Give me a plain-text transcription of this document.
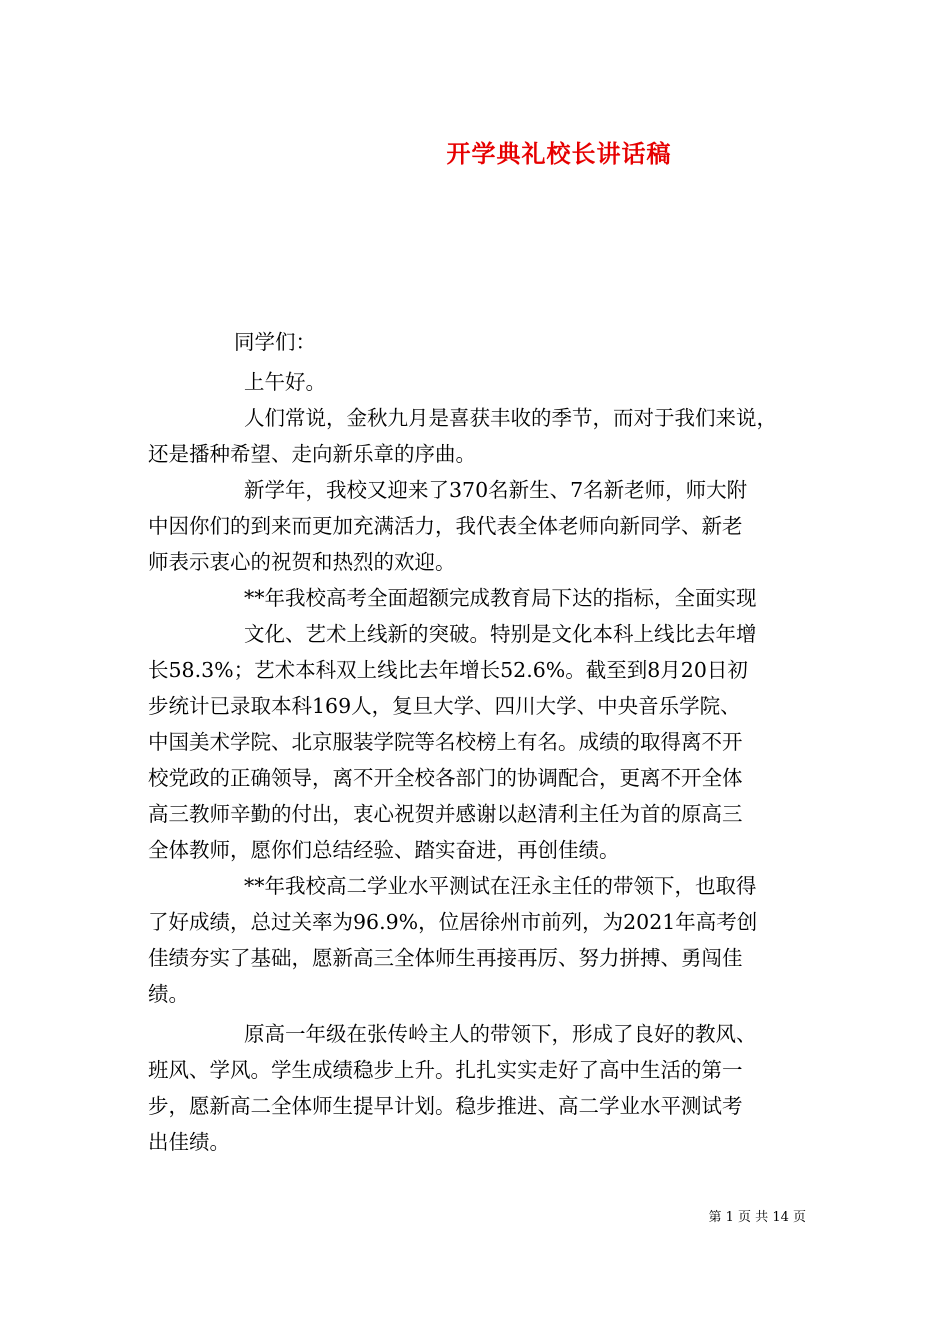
开学典礼校长讲话稿
同学们：
上午好。
人们常说，金秋九月是喜获丰收的季节，而对于我们来说，
还是播种希望、走向新乐章的序曲。
新学年，我校又迎来了370名新生、7名新老师，师大附
中因你们的到来而更加充满活力，我代表全体老师向新同学、新老
师表示衷心的祝贺和热烈的欢迎。
**年我校高考全面超额完成教育局下达的指标，全面实现
文化、艺术上线新的突破。特别是文化本科上线比去年增
长58.3%；艺术本科双上线比去年增长52.6%。截至到8月20日初
步统计已录取本科169人，复旦大学、四川大学、中央音乐学院、
中国美术学院、北京服装学院等名校榜上有名。成绩的取得离不开
校党政的正确领导，离不开全校各部门的协调配合，更离不开全体
高三教师辛勤的付出，衷心祝贺并感谢以赵清利主任为首的原高三
全体教师，愿你们总结经验、踏实奋进，再创佳绩。
**年我校高二学业水平测试在汪永主任的带领下，也取得
了好成绩，总过关率为96.9%，位居徐州市前列，为2021年高考创
佳绩夯实了基础，愿新高三全体师生再接再厉、努力拼搏、勇闯佳
绩。
原高一年级在张传岭主人的带领下，形成了良好的教风、
班风、学风。学生成绩稳步上升。扎扎实实走好了高中生活的第一
步，愿新高二全体师生提早计划。稳步推进、高二学业水平测试考
出佳绩。
第 1 页 共 14 页
